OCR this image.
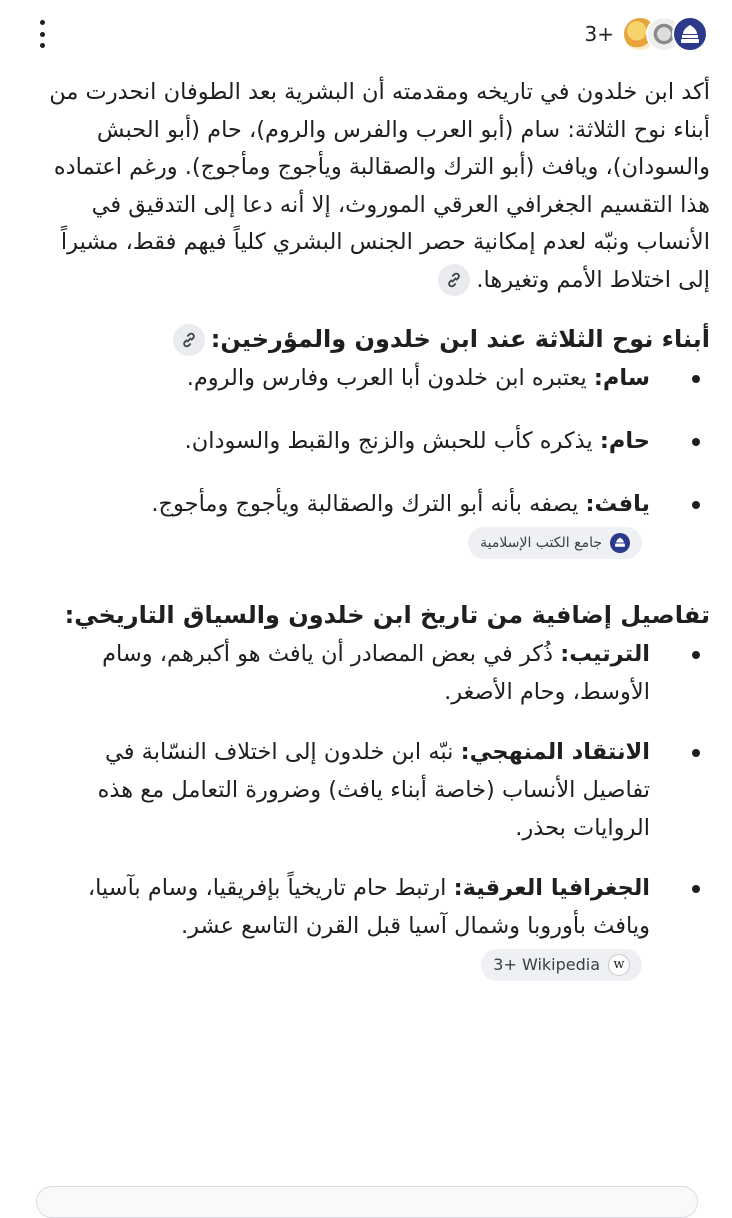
3+

أكد ابن خلدون في تاريخه ومقدمته أن البشرية بعد الطوفان انحدرت من أبناء نوح الثلاثة: سام (أبو العرب والفرس والروم)، حام (أبو الحبش والسودان)، ويافث (أبو الترك والصقالبة ويأجوج ومأجوج). ورغم اعتماده هذا التقسيم الجغرافي العرقي الموروث، إلا أنه دعا إلى التدقيق في الأنساب ونبّه لعدم إمكانية حصر الجنس البشري كلياً فيهم فقط، مشيراً إلى اختلاط الأمم وتغيرها.

أبناء نوح الثلاثة عند ابن خلدون والمؤرخين:

سام: يعتبره ابن خلدون أبا العرب وفارس والروم.
حام: يذكره كأب للحبش والزنج والقبط والسودان.
يافث: يصفه بأنه أبو الترك والصقالبة ويأجوج ومأجوج.
جامع الكتب الإسلامية

تفاصيل إضافية من تاريخ ابن خلدون والسياق التاريخي:

الترتيب: ذُكر في بعض المصادر أن يافث هو أكبرهم، وسام الأوسط، وحام الأصغر.
الانتقاد المنهجي: نبّه ابن خلدون إلى اختلاف النسّابة في تفاصيل الأنساب (خاصة أبناء يافث) وضرورة التعامل مع هذه الروايات بحذر.
الجغرافيا العرقية: ارتبط حام تاريخياً بإفريقيا، وسام بآسيا، ويافث بأوروبا وشمال آسيا قبل القرن التاسع عشر.
3+ Wikipedia	w
